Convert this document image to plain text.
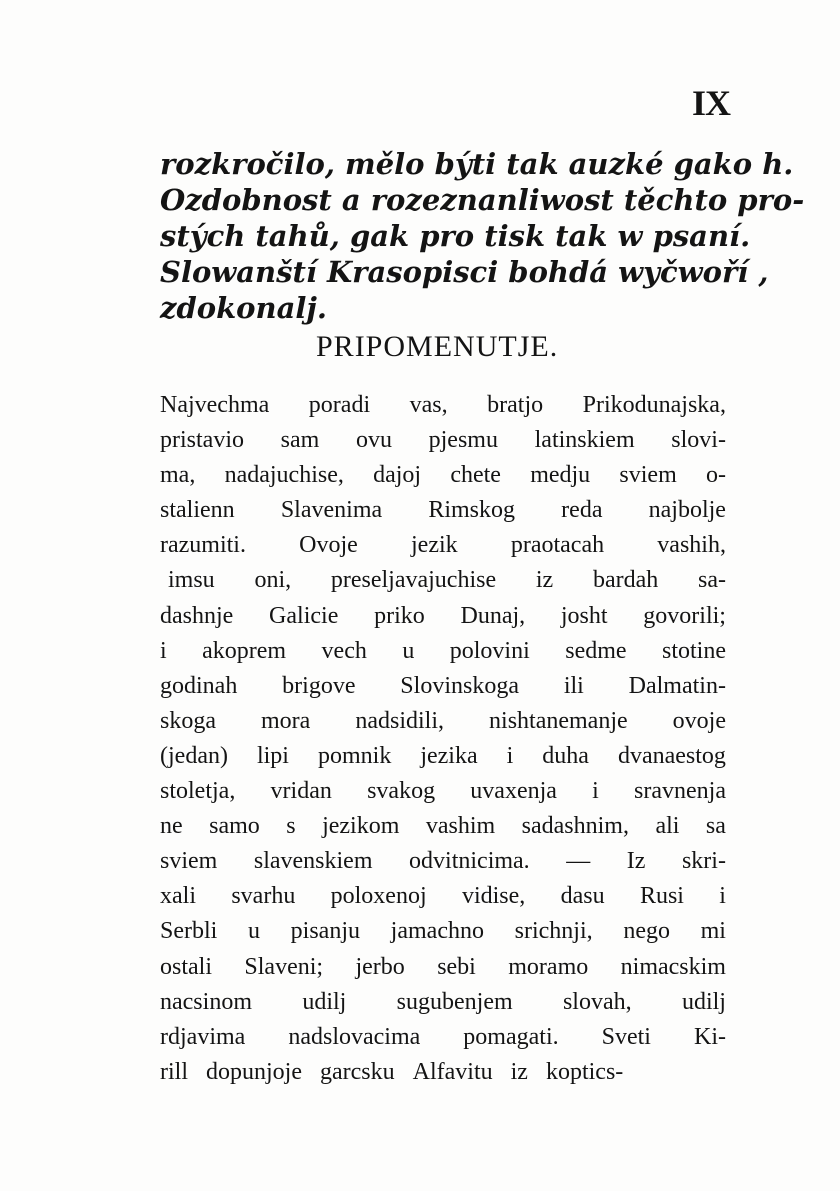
IX
rozkročilo, mělo býti tak auzké gako h.
Ozdobnost a rozeznanliwost těchto pro-
stých tahů, gak pro tisk tak w psaní.
Slowanští Krasopisci bohdá wyčwoří ,
zdokonalj.
PRIPOMENUTJE.
Najvechma poradi vas, bratjo Prikodunajska,
pristavio sam ovu pjesmu latinskiem slovi-
ma, nadajuchise, dajoj chete medju sviem o-
stalienn Slavenima Rimskog reda najbolje
razumiti. Ovoje jezik praotacah vashih,
imsu oni, preseljavajuchise iz bardah sa-
dashnje Galicie priko Dunaj, josht govorili;
i akoprem vech u polovini sedme stotine
godinah brigove Slovinskoga ili Dalmatin-
skoga mora nadsidili, nishtanemanje ovoje
(jedan) lipi pomnik jezika i duha dvanaestog
stoletja, vridan svakog uvaxenja i sravnenja
ne samo s jezikom vashim sadashnim, ali sa
sviem slavenskiem odvitnicima. — Iz skri-
xali svarhu poloxenoj vidise, dasu Rusi i
Serbli u pisanju jamachno srichnji, nego mi
ostali Slaveni; jerbo sebi moramo nimacskim
nacsinom udilj sugubenjem slovah, udilj
rdjavima nadslovacima pomagati. Sveti Ki-
rill dopunjoje garcsku Alfavitu iz koptics-
